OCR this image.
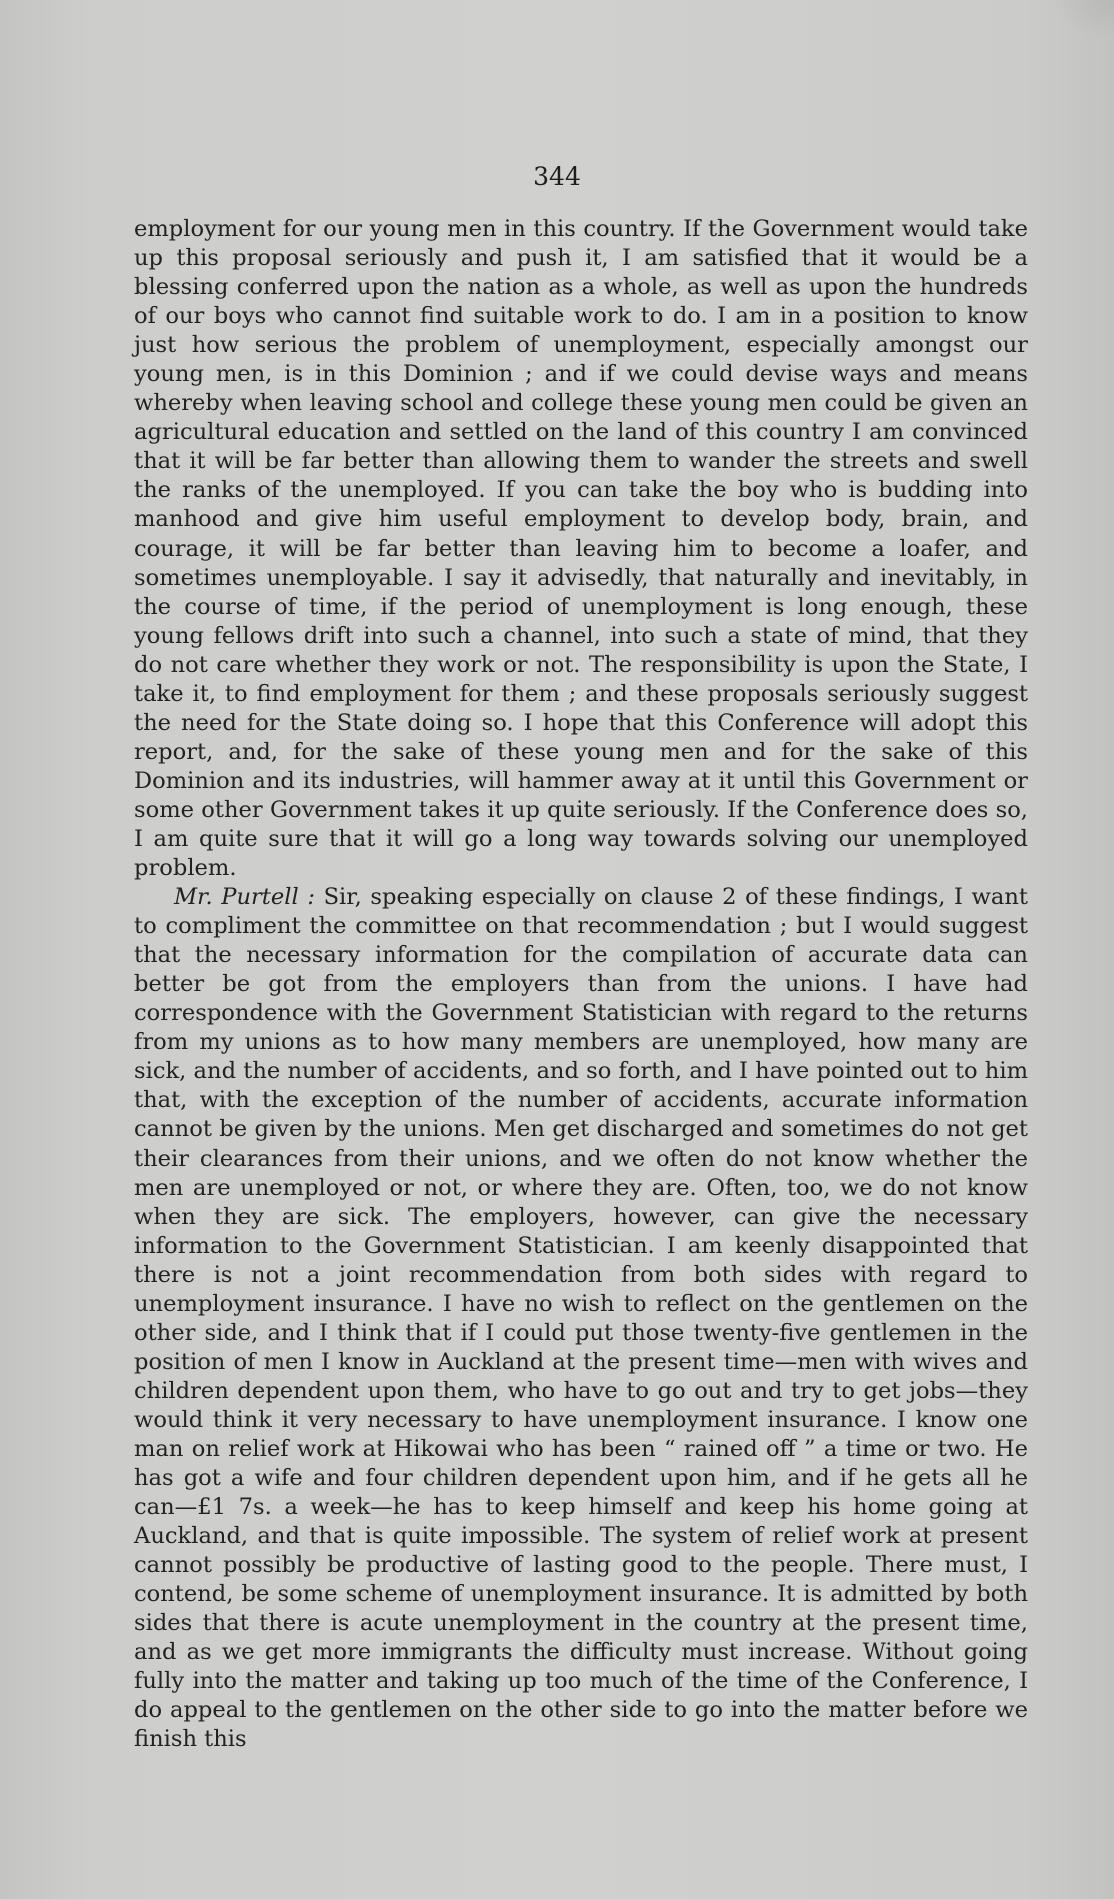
344

employment for our young men in this country. If the Government would take up this proposal seriously and push it, I am satisfied that it would be a blessing conferred upon the nation as a whole, as well as upon the hundreds of our boys who cannot find suitable work to do. I am in a position to know just how serious the problem of unemployment, especially amongst our young men, is in this Dominion ; and if we could devise ways and means whereby when leaving school and college these young men could be given an agricultural education and settled on the land of this country I am convinced that it will be far better than allowing them to wander the streets and swell the ranks of the unemployed. If you can take the boy who is budding into manhood and give him useful employment to develop body, brain, and courage, it will be far better than leaving him to become a loafer, and sometimes unemployable. I say it advisedly, that naturally and inevitably, in the course of time, if the period of unemployment is long enough, these young fellows drift into such a channel, into such a state of mind, that they do not care whether they work or not. The responsibility is upon the State, I take it, to find employment for them ; and these proposals seriously suggest the need for the State doing so. I hope that this Conference will adopt this report, and, for the sake of these young men and for the sake of this Dominion and its industries, will hammer away at it until this Government or some other Government takes it up quite seriously. If the Conference does so, I am quite sure that it will go a long way towards solving our unemployed problem.

Mr. Purtell : Sir, speaking especially on clause 2 of these findings, I want to compliment the committee on that recommendation ; but I would suggest that the necessary information for the compilation of accurate data can better be got from the employers than from the unions. I have had correspondence with the Government Statistician with regard to the returns from my unions as to how many members are unemployed, how many are sick, and the number of accidents, and so forth, and I have pointed out to him that, with the exception of the number of accidents, accurate information cannot be given by the unions. Men get discharged and sometimes do not get their clearances from their unions, and we often do not know whether the men are unemployed or not, or where they are. Often, too, we do not know when they are sick. The employers, however, can give the necessary information to the Government Statistician. I am keenly disappointed that there is not a joint recommendation from both sides with regard to unemployment insurance. I have no wish to reflect on the gentlemen on the other side, and I think that if I could put those twenty-five gentlemen in the position of men I know in Auckland at the present time—men with wives and children dependent upon them, who have to go out and try to get jobs—they would think it very necessary to have unemployment insurance. I know one man on relief work at Hikowai who has been “ rained off ” a time or two. He has got a wife and four children dependent upon him, and if he gets all he can—£1 7s. a week—he has to keep himself and keep his home going at Auckland, and that is quite impossible. The system of relief work at present cannot possibly be productive of lasting good to the people. There must, I contend, be some scheme of unemployment insurance. It is admitted by both sides that there is acute unemployment in the country at the present time, and as we get more immigrants the difficulty must increase. Without going fully into the matter and taking up too much of the time of the Conference, I do appeal to the gentlemen on the other side to go into the matter before we finish this
